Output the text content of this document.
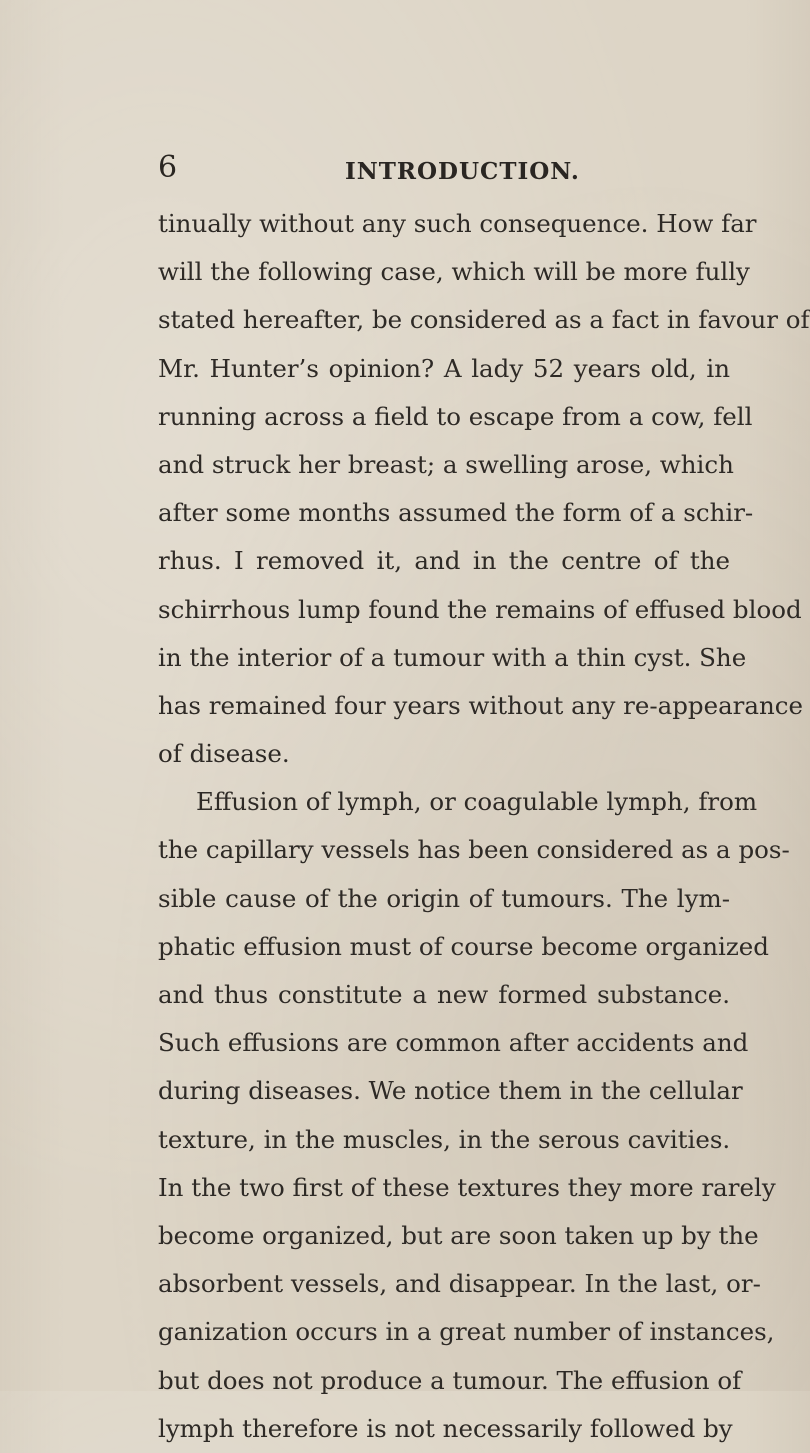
6	INTRODUCTION.
tinually without any such consequence. How far
will the following case, which will be more fully
stated hereafter, be considered as a fact in favour of
Mr. Hunter’s opinion? A lady 52 years old, in
running across a field to escape from a cow, fell
and struck her breast; a swelling arose, which
after some months assumed the form of a schir-
rhus. I removed it, and in the centre of the
schirrhous lump found the remains of effused blood
in the interior of a tumour with a thin cyst. She
has remained four years without any re-appearance
of disease.
Effusion of lymph, or coagulable lymph, from
the capillary vessels has been considered as a pos-
sible cause of the origin of tumours. The lym-
phatic effusion must of course become organized
and thus constitute a new formed substance.
Such effusions are common after accidents and
during diseases. We notice them in the cellular
texture, in the muscles, in the serous cavities.
In the two first of these textures they more rarely
become organized, but are soon taken up by the
absorbent vessels, and disappear. In the last, or-
ganization occurs in a great number of instances,
but does not produce a tumour. The effusion of
lymph therefore is not necessarily followed by
